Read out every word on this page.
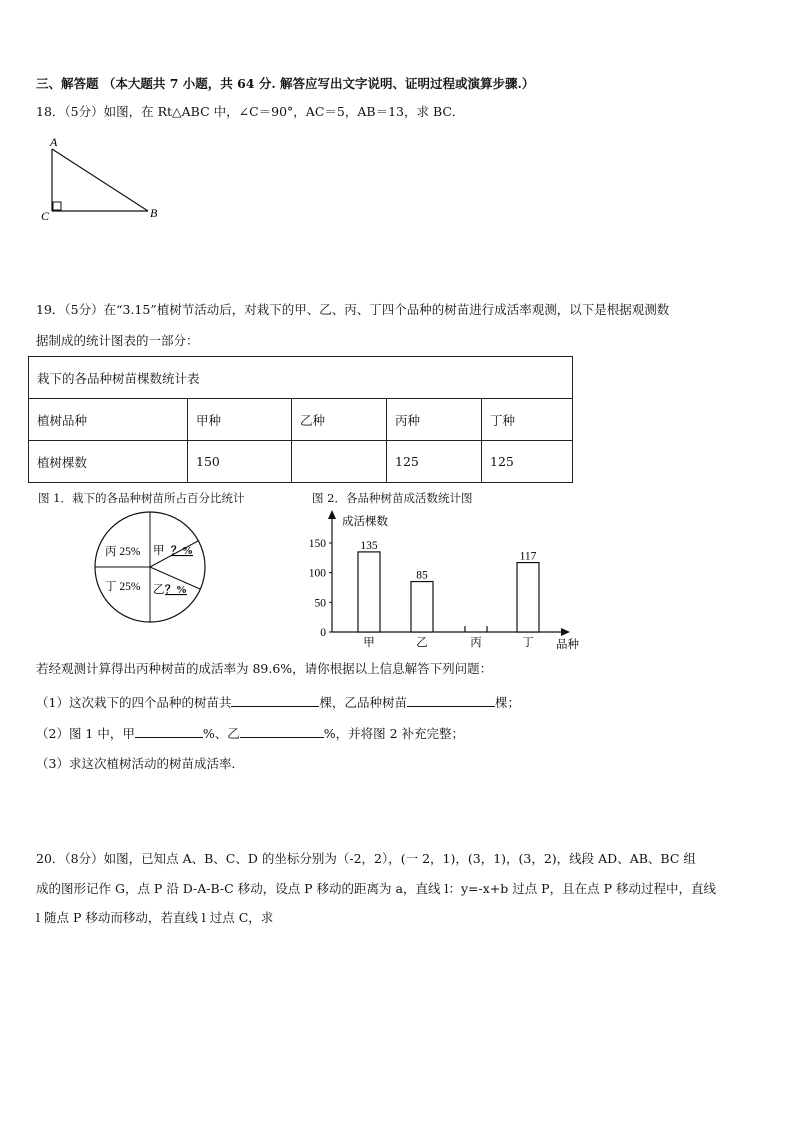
三、解答题 （本大题共 7 小题，共 64 分. 解答应写出文字说明、证明过程或演算步骤.）
18．（5分）如图，在 Rt△ABC 中，∠C＝90°，AC＝5，AB＝13，求 BC．
A
C	B
19．（5分）在“3.15”植树节活动后，对栽下的甲、乙、丙、丁四个品种的树苗进行成活率观测，以下是根据观测数
据制成的统计图表的一部分：
栽下的各品种树苗棵数统计表				
植树品种	甲种	乙种	丙种	丁种
植树棵数	150		125	125
图 1．栽下的各品种树苗所占百分比统计	图 2．各品种树苗成活数统计图
丙 25%
丁 25%
甲 ？%
乙 ？%
成活棵数
品种
0
50
100
150	135
甲
85
乙	丙
117
丁
若经观测计算得出丙种树苗的成活率为 89.6%，请你根据以上信息解答下列问题：
（1）这次栽下的四个品种的树苗共	棵，乙品种树苗	棵；
（2）图 1 中，甲	%、乙	%，并将图 2 补充完整；
（3）求这次植树活动的树苗成活率．
20．（8分）如图，已知点 A、B、C、D 的坐标分别为（-2，2），(一 2，1)，(3，1)，(3，2)，线段 AD、AB、BC 组
成的图形记作 G，点 P 沿 D-A-B-C 移动，设点 P 移动的距离为 a，直线 l：y=-x+b 过点 P，且在点 P 移动过程中，直线
l 随点 P 移动而移动，若直线 l 过点 C，求
